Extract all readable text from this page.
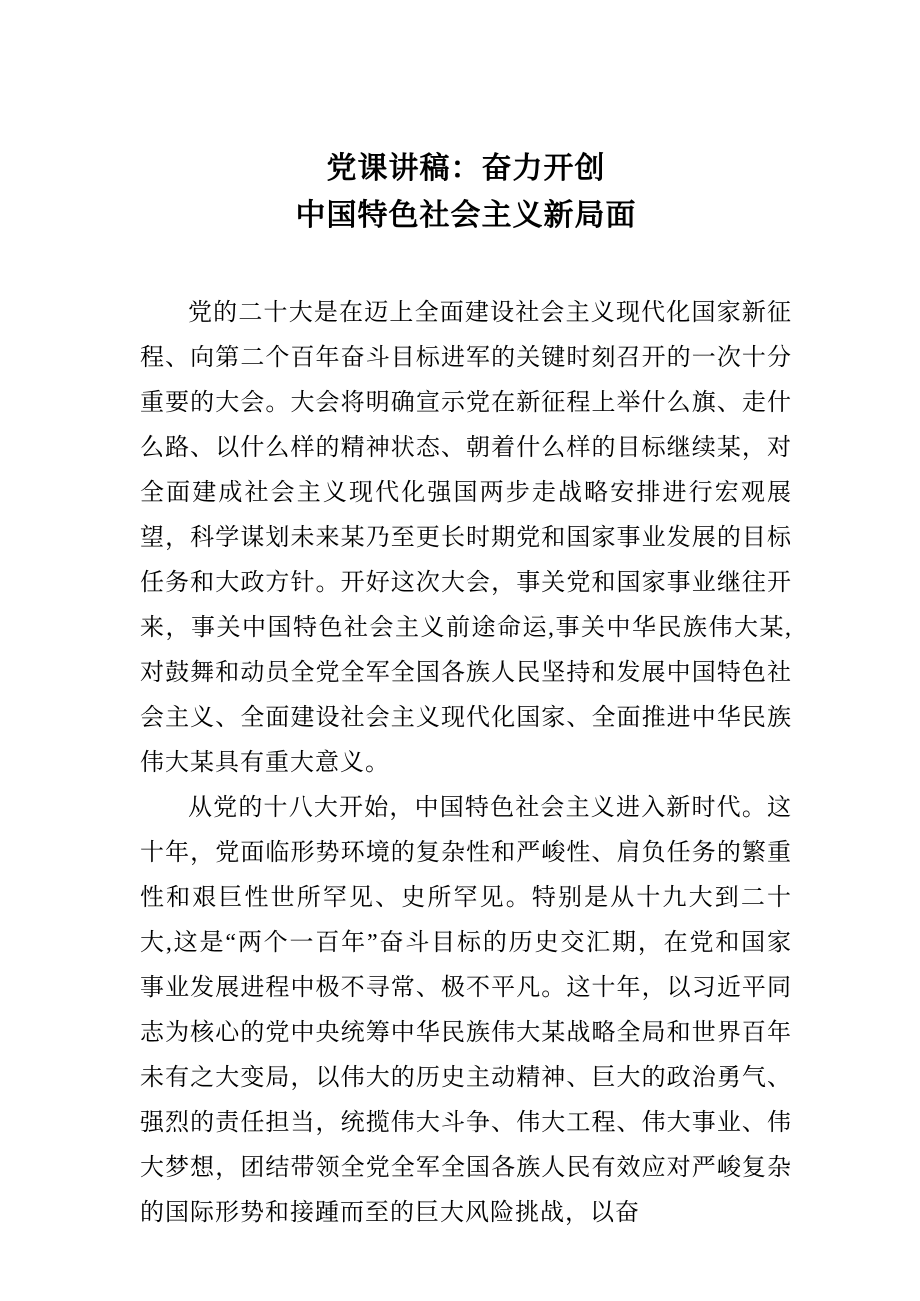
党课讲稿：奋力开创
中国特色社会主义新局面

党的二十大是在迈上全面建设社会主义现代化国家新征程、向第二个百年奋斗目标进军的关键时刻召开的一次十分重要的大会。大会将明确宣示党在新征程上举什么旗、走什么路、以什么样的精神状态、朝着什么样的目标继续某，对全面建成社会主义现代化强国两步走战略安排进行宏观展望，科学谋划未来某乃至更长时期党和国家事业发展的目标任务和大政方针。开好这次大会，事关党和国家事业继往开来，事关中国特色社会主义前途命运,事关中华民族伟大某,对鼓舞和动员全党全军全国各族人民坚持和发展中国特色社会主义、全面建设社会主义现代化国家、全面推进中华民族伟大某具有重大意义。

从党的十八大开始，中国特色社会主义进入新时代。这十年，党面临形势环境的复杂性和严峻性、肩负任务的繁重性和艰巨性世所罕见、史所罕见。特别是从十九大到二十大,这是“两个一百年”奋斗目标的历史交汇期，在党和国家事业发展进程中极不寻常、极不平凡。这十年，以习近平同志为核心的党中央统筹中华民族伟大某战略全局和世界百年未有之大变局，以伟大的历史主动精神、巨大的政治勇气、强烈的责任担当，统揽伟大斗争、伟大工程、伟大事业、伟大梦想，团结带领全党全军全国各族人民有效应对严峻复杂的国际形势和接踵而至的巨大风险挑战，以奋
